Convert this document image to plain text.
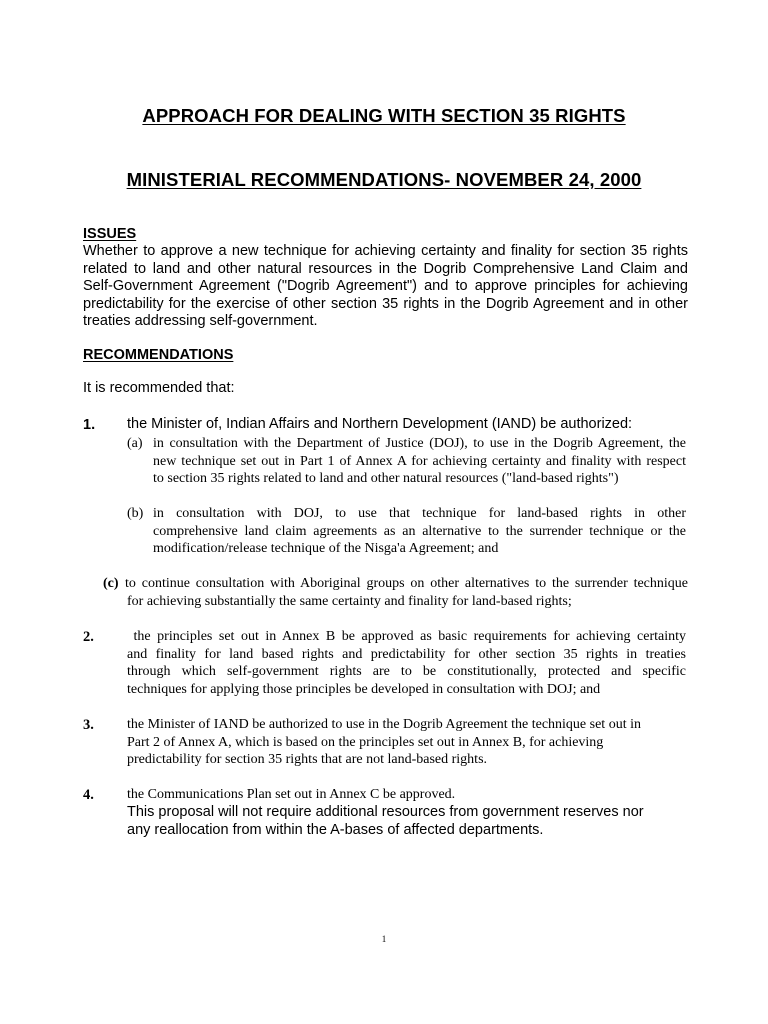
APPROACH FOR DEALING WITH SECTION 35 RIGHTS
MINISTERIAL RECOMMENDATIONS- NOVEMBER 24, 2000
ISSUES
Whether to approve a new technique for achieving certainty and finality for section 35 rights
related to land and other natural resources in the Dogrib Comprehensive Land Claim and
Self-Government Agreement ("Dogrib Agreement") and to approve principles for achieving
predictability for the exercise of other section 35 rights in the Dogrib Agreement and in other
treaties addressing self-government.
RECOMMENDATIONS
It is recommended that:
1. the Minister of, Indian Affairs and Northern Development (IAND) be authorized:
(a) in consultation with the Department of Justice (DOJ), to use in the Dogrib Agreement, the
new technique set out in Part 1 of Annex A for achieving certainty and finality with respect
to section 35 rights related to land and other natural resources ("land-based rights")
(b) in consultation with DOJ, to use that technique for land-based rights in other
comprehensive land claim agreements as an alternative to the surrender technique or the
modification/release technique of the Nisga'a Agreement; and
(c) to continue consultation with Aboriginal groups on other alternatives to the surrender technique
for achieving substantially the same certainty and finality for land-based rights;
2. the principles set out in Annex B be approved as basic requirements for achieving certainty
and finality for land based rights and predictability for other section 35 rights in treaties
through which self-government rights are to be constitutionally, protected and specific
techniques for applying those principles be developed in consultation with DOJ; and
3. the Minister of IAND be authorized to use in the Dogrib Agreement the technique set out in
Part 2 of Annex A, which is based on the principles set out in Annex B, for achieving
predictability for section 35 rights that are not land-based rights.
4. the Communications Plan set out in Annex C be approved.
This proposal will not require additional resources from government reserves nor
any reallocation from within the A-bases of affected departments.
1
